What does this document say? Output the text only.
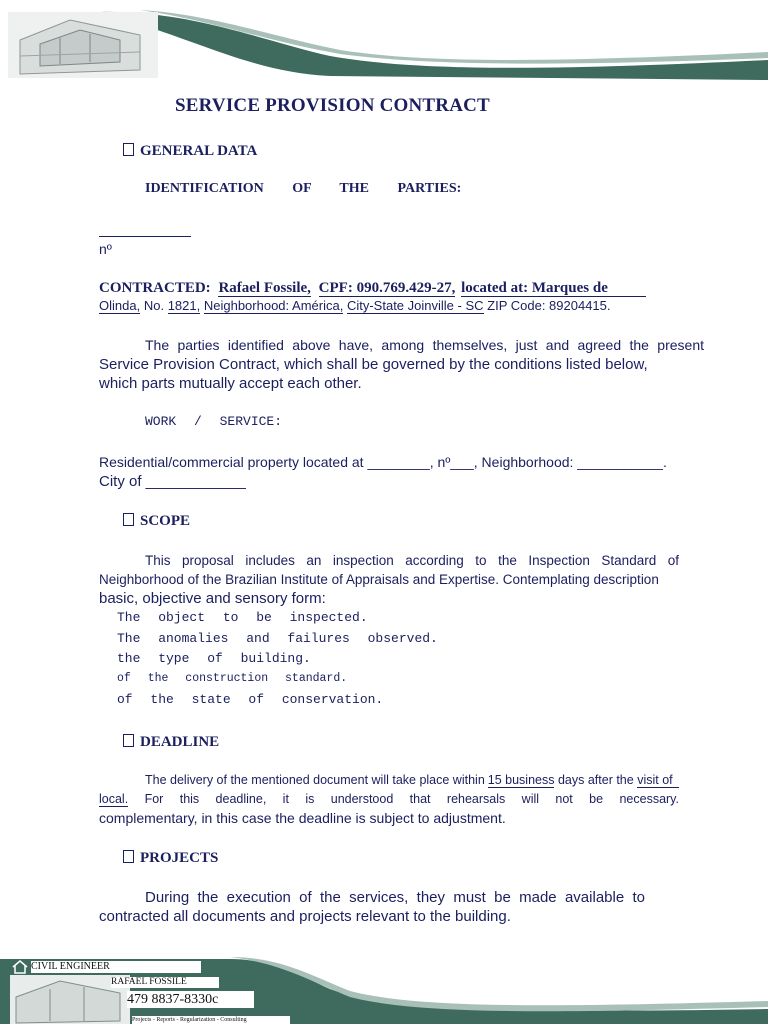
SERVICE PROVISION CONTRACT
GENERAL DATA
IDENTIFICATION   OF   THE   PARTIES:
nº
CONTRACTED: Rafael Fossile, CPF: 090.769.429-27, located at: Marques de
Olinda, No. 1821, Neighborhood: América, City-State Joinville - SC ZIP Code: 89204415.
The parties identified above have, among themselves, just and agreed the present
Service Provision Contract, which shall be governed by the conditions listed below,
which parts mutually accept each other.
WORK / SERVICE:
Residential/commercial property located at ________, nº___, Neighborhood: ___________.
City of ____________
SCOPE
This proposal includes an inspection according to the Inspection Standard of
Neighborhood of the Brazilian Institute of Appraisals and Expertise. Contemplating description
basic, objective and sensory form:
The object to be inspected.
The anomalies and failures observed.
the type of building.
of the construction standard.
of the state of conservation.
DEADLINE
The delivery of the mentioned document will take place within 15 business days after the visit of
local. For this deadline, it is understood that rehearsals will not be necessary.
complementary, in this case the deadline is subject to adjustment.
PROJECTS
During the execution of the services, they must be made available to
contracted all documents and projects relevant to the building.
CIVIL ENGINEER
RAFAEL FOSSILE
479 8837-8330c
Projects - Reports - Regularization - Consulting
